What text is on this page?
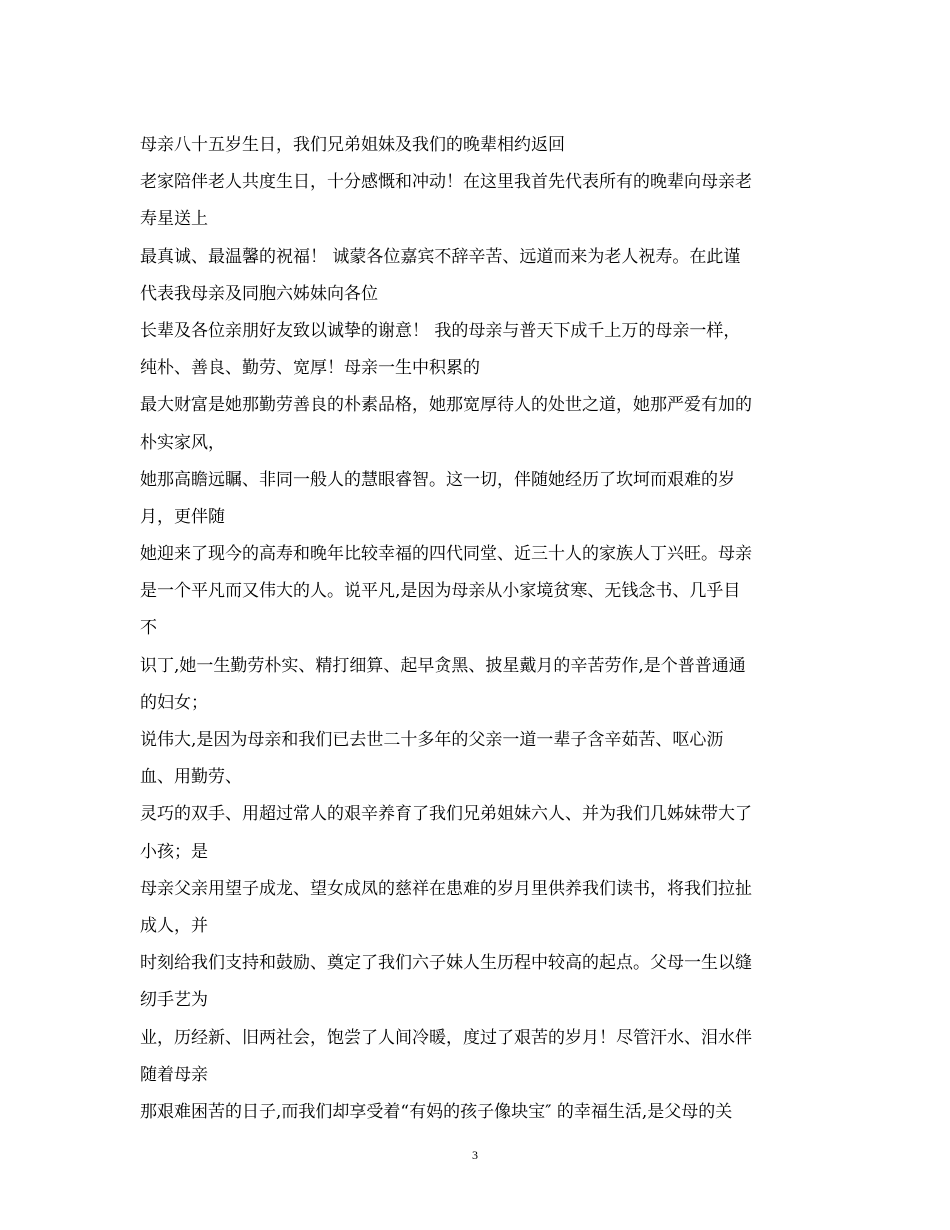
母亲八十五岁生日，我们兄弟姐妹及我们的晚辈相约返回
老家陪伴老人共度生日，十分感慨和冲动！在这里我首先代表所有的晚辈向母亲老
寿星送上
最真诚、最温馨的祝福！ 诚蒙各位嘉宾不辞辛苦、远道而来为老人祝寿。在此谨
代表我母亲及同胞六姊妹向各位
长辈及各位亲朋好友致以诚挚的谢意！ 我的母亲与普天下成千上万的母亲一样，
纯朴、善良、勤劳、宽厚！母亲一生中积累的
最大财富是她那勤劳善良的朴素品格，她那宽厚待人的处世之道，她那严爱有加的
朴实家风，
她那高瞻远瞩、非同一般人的慧眼睿智。这一切，伴随她经历了坎坷而艰难的岁
月，更伴随
她迎来了现今的高寿和晚年比较幸福的四代同堂、近三十人的家族人丁兴旺。母亲
是一个平凡而又伟大的人。说平凡,是因为母亲从小家境贫寒、无钱念书、几乎目
不
识丁,她一生勤劳朴实、精打细算、起早贪黑、披星戴月的辛苦劳作,是个普普通通
的妇女；
说伟大,是因为母亲和我们已去世二十多年的父亲一道一辈子含辛茹苦、呕心沥
血、用勤劳、
灵巧的双手、用超过常人的艰辛养育了我们兄弟姐妹六人、并为我们几姊妹带大了
小孩；是
母亲父亲用望子成龙、望女成凤的慈祥在患难的岁月里供养我们读书，将我们拉扯
成人，并
时刻给我们支持和鼓励、奠定了我们六子妹人生历程中较高的起点。父母一生以缝
纫手艺为
业，历经新、旧两社会，饱尝了人间冷暖，度过了艰苦的岁月！尽管汗水、泪水伴
随着母亲
那艰难困苦的日子,而我们却享受着“有妈的孩子像块宝″ 的幸福生活,是父母的关
3
